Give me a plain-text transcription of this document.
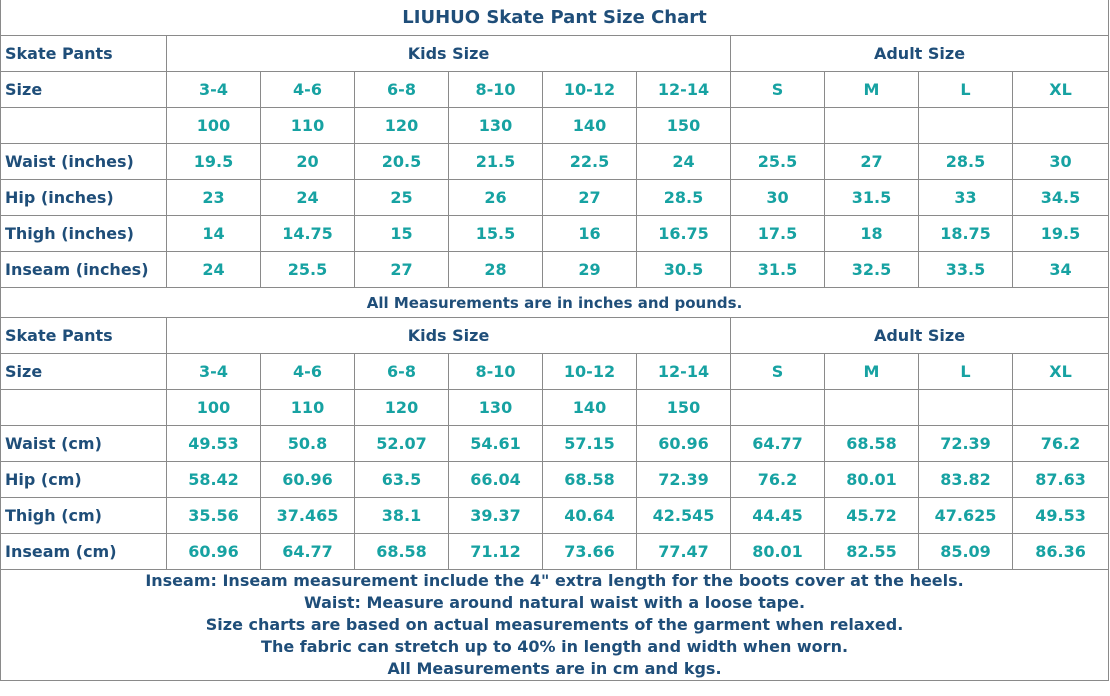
LIUHUO Skate Pant Size Chart										
Skate Pants	Kids Size						Adult Size			
Size	3-4	4-6	6-8	8-10	10-12	12-14	S	M	L	XL
	100	110	120	130	140	150				
Waist (inches)	19.5	20	20.5	21.5	22.5	24	25.5	27	28.5	30
Hip (inches)	23	24	25	26	27	28.5	30	31.5	33	34.5
Thigh (inches)	14	14.75	15	15.5	16	16.75	17.5	18	18.75	19.5
Inseam (inches)	24	25.5	27	28	29	30.5	31.5	32.5	33.5	34
All Measurements are in inches and pounds.										
Skate Pants	Kids Size						Adult Size			
Size	3-4	4-6	6-8	8-10	10-12	12-14	S	M	L	XL
	100	110	120	130	140	150				
Waist (cm)	49.53	50.8	52.07	54.61	57.15	60.96	64.77	68.58	72.39	76.2
Hip (cm)	58.42	60.96	63.5	66.04	68.58	72.39	76.2	80.01	83.82	87.63
Thigh (cm)	35.56	37.465	38.1	39.37	40.64	42.545	44.45	45.72	47.625	49.53
Inseam (cm)	60.96	64.77	68.58	71.12	73.66	77.47	80.01	82.55	85.09	86.36

Inseam: Inseam measurement include the 4" extra length for the boots cover at the heels.
Waist: Measure around natural waist with a loose tape.
Size charts are based on actual measurements of the garment when relaxed.
The fabric can stretch up to 40% in length and width when worn.
All Measurements are in cm and kgs.										
